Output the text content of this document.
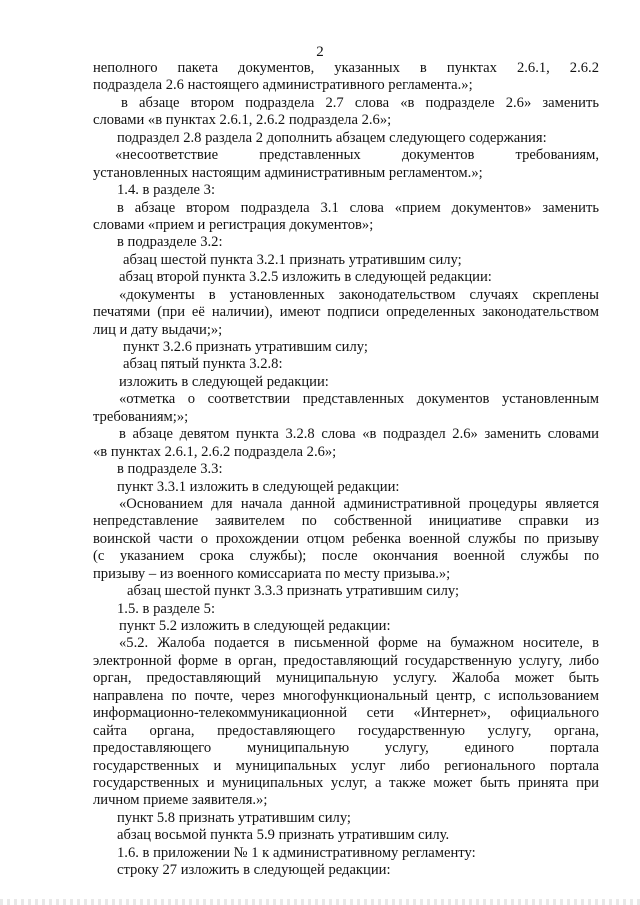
2
неполного пакета документов, указанных в пунктах 2.6.1, 2.6.2
подраздела 2.6 настоящего административного регламента.»;
в абзаце втором подраздела 2.7 слова «в подразделе 2.6» заменить
словами «в пунктах 2.6.1, 2.6.2 подраздела 2.6»;
подраздел 2.8 раздела 2 дополнить абзацем следующего содержания:
«несоответствие представленных документов требованиям,
установленных настоящим административным регламентом.»;
1.4. в разделе 3:
в абзаце втором подраздела 3.1 слова «прием документов» заменить
словами «прием и регистрация документов»;
в подразделе 3.2:
абзац шестой пункта 3.2.1 признать утратившим силу;
абзац второй пункта 3.2.5 изложить в следующей редакции:
«документы в установленных законодательством случаях скреплены
печатями (при её наличии), имеют подписи определенных законодательством
лиц и дату выдачи;»;
пункт 3.2.6 признать утратившим силу;
абзац пятый пункта 3.2.8:
изложить в следующей редакции:
«отметка о соответствии представленных документов установленным
требованиям;»;
в абзаце девятом пункта 3.2.8 слова «в подраздел 2.6» заменить словами
«в пунктах 2.6.1, 2.6.2 подраздела 2.6»;
в подразделе 3.3:
пункт 3.3.1 изложить в следующей редакции:
«Основанием для начала данной административной процедуры является
непредставление заявителем по собственной инициативе справки из
воинской части о прохождении отцом ребенка военной службы по призыву
(с указанием срока службы); после окончания военной службы по
призыву – из военного комиссариата по месту призыва.»;
абзац шестой пункт 3.3.3 признать утратившим силу;
1.5. в разделе 5:
пункт 5.2 изложить в следующей редакции:
«5.2. Жалоба подается в письменной форме на бумажном носителе, в
электронной форме в орган, предоставляющий государственную услугу, либо
орган, предоставляющий муниципальную услугу. Жалоба может быть
направлена по почте, через многофункциональный центр, с использованием
информационно-телекоммуникационной сети «Интернет», официального
сайта органа, предоставляющего государственную услугу, органа,
предоставляющего муниципальную услугу, единого портала
государственных и муниципальных услуг либо регионального портала
государственных и муниципальных услуг, а также может быть принята при
личном приеме заявителя.»;
пункт 5.8 признать утратившим силу;
абзац восьмой пункта 5.9 признать утратившим силу.
1.6. в приложении № 1 к административному регламенту:
строку 27 изложить в следующей редакции:
